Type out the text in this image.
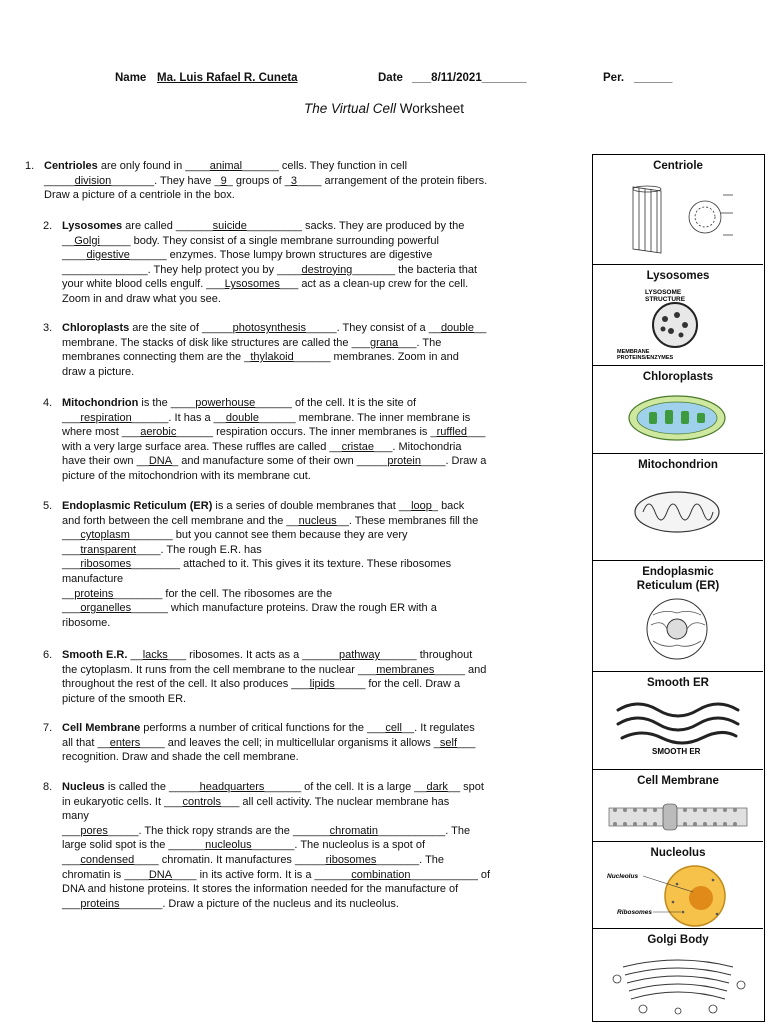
Name Ma. Luis Rafael R. Cuneta	Date ___8/11/2021_______	Per. ______
The Virtual Cell Worksheet
1. Centrioles are only found in ____animal______ cells. They function in cell
_____division_______. They have _9_ groups of _3____ arrangement of the protein fibers.
Draw a picture of a centriole in the box.
2. Lysosomes are called ______suicide_________ sacks. They are produced by the
__Golgi_____ body. They consist of a single membrane surrounding powerful
____digestive______ enzymes. Those lumpy brown structures are digestive
______________. They help protect you by ____destroying_______ the bacteria that
your white blood cells engulf. ___Lysosomes___ act as a clean-up crew for the cell.
Zoom in and draw what you see.
3. Chloroplasts are the site of _____photosynthesis_____. They consist of a __double__
membrane. The stacks of disk like structures are called the ___grana___. The
membranes connecting them are the _thylakoid______ membranes. Zoom in and
draw a picture.
4. Mitochondrion is the ____powerhouse______ of the cell. It is the site of
___respiration______. It has a __double______ membrane. The inner membrane is
where most ___aerobic______ respiration occurs. The inner membranes is _ruffled___
with a very large surface area. These ruffles are called __cristae___. Mitochondria
have their own __DNA_ and manufacture some of their own _____protein____. Draw a
picture of the mitochondrion with its membrane cut.
5. Endoplasmic Reticulum (ER) is a series of double membranes that __loop_ back
and forth between the cell membrane and the __nucleus__. These membranes fill the
___cytoplasm_______ but you cannot see them because they are very
___transparent____. The rough E.R. has
___ribosomes________ attached to it. This gives it its texture. These ribosomes
manufacture
__proteins________ for the cell. The ribosomes are the
___organelles______ which manufacture proteins. Draw the rough ER with a
ribosome.
6. Smooth E.R. __lacks___ ribosomes. It acts as a ______pathway______ throughout
the cytoplasm. It runs from the cell membrane to the nuclear ___membranes_____ and
throughout the rest of the cell. It also produces ___lipids_____ for the cell. Draw a
picture of the smooth ER.
7. Cell Membrane performs a number of critical functions for the ___cell__. It regulates
all that __enters____ and leaves the cell; in multicellular organisms it allows _self___
recognition. Draw and shade the cell membrane.
8. Nucleus is called the _____headquarters______ of the cell. It is a large __dark__ spot
in eukaryotic cells. It ___controls___ all cell activity. The nuclear membrane has
many
___pores_____. The thick ropy strands are the ______chromatin___________. The
large solid spot is the ______nucleolus_______. The nucleolus is a spot of
___condensed____ chromatin. It manufactures _____ribosomes_______. The
chromatin is ____DNA____ in its active form. It is a ______combination___________ of
DNA and histone proteins. It stores the information needed for the manufacture of
___proteins_______. Draw a picture of the nucleus and its nucleolus.
Centriole
Lysosomes
LYSOSOME STRUCTURE
MEMBRANE PROTEINS/ENZYMES
Chloroplasts
Mitochondrion
Endoplasmic
Reticulum (ER)
Smooth ER
SMOOTH ER
Cell Membrane
Nucleolus
Nucleolus
Ribosomes
Golgi Body
